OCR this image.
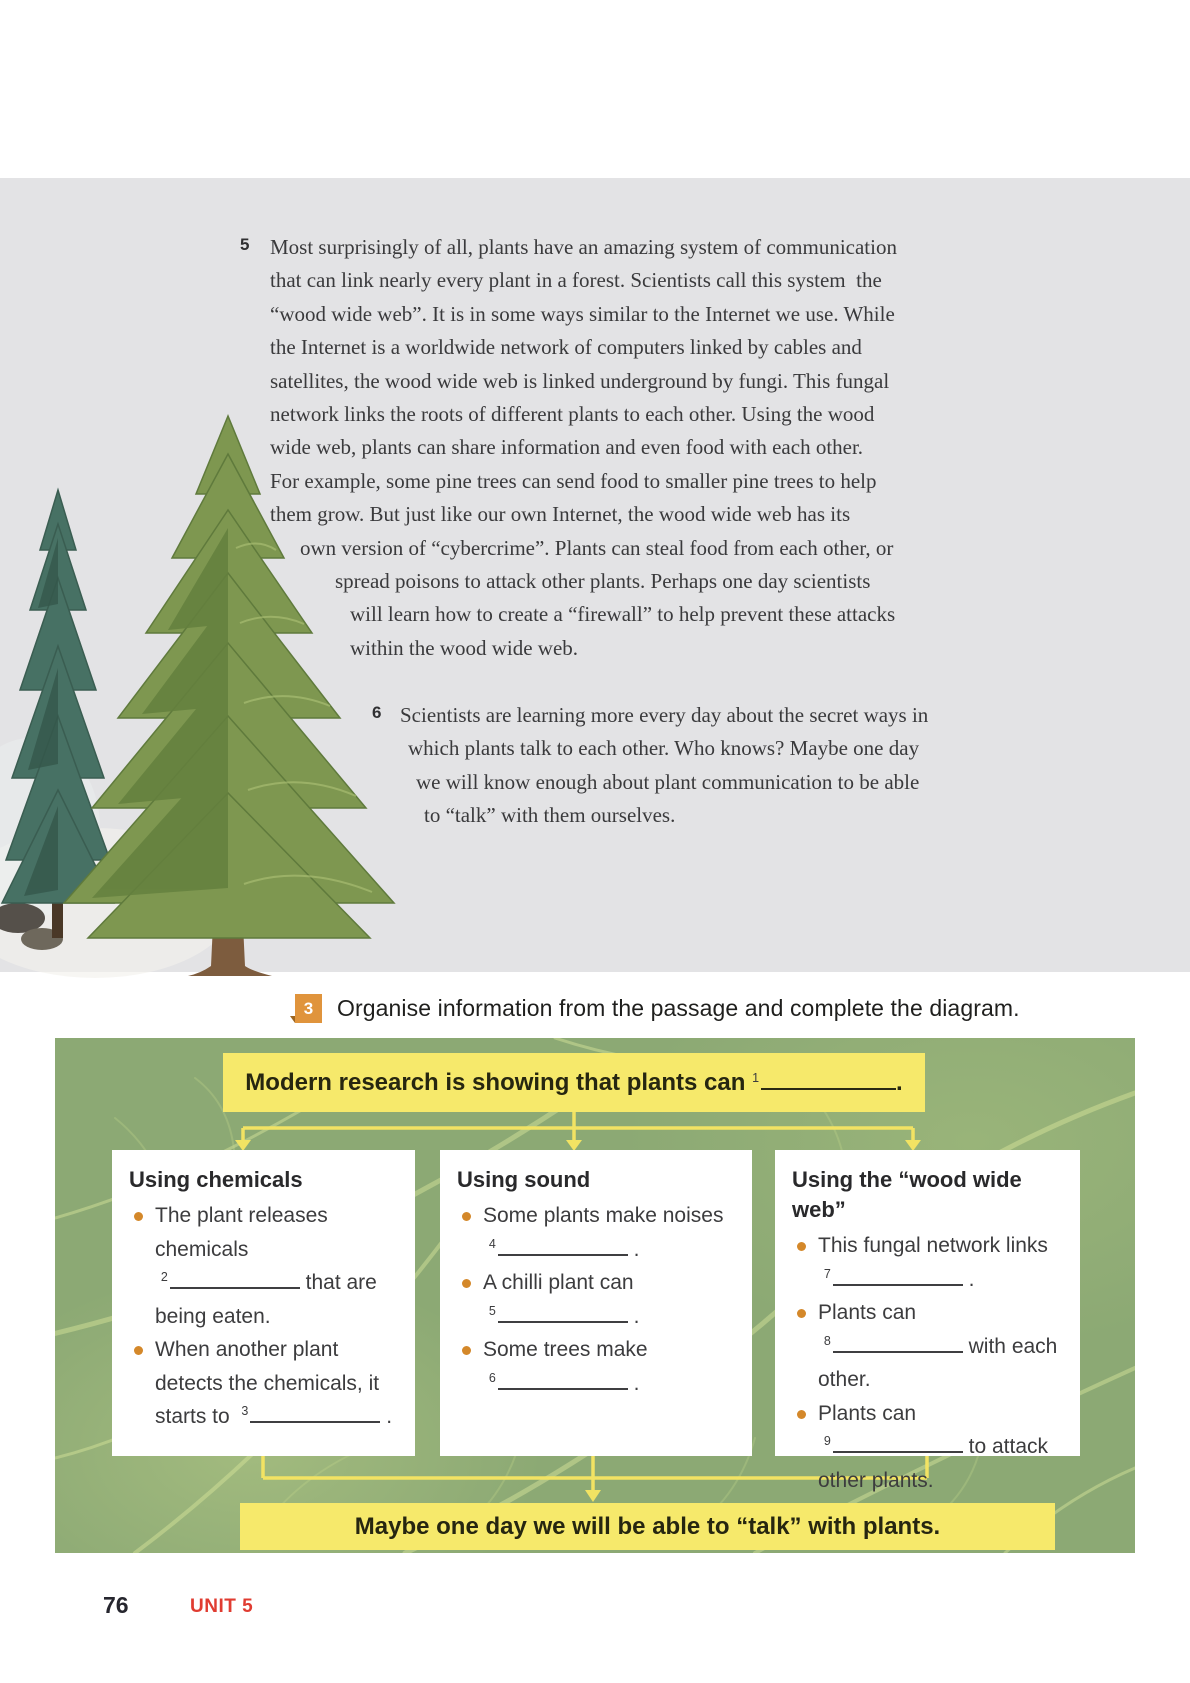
5 Most surprisingly of all, plants have an amazing system of communication
that can link nearly every plant in a forest. Scientists call this system  the
“wood wide web”. It is in some ways similar to the Internet we use. While
the Internet is a worldwide network of computers linked by cables and
satellites, the wood wide web is linked underground by fungi. This fungal
network links the roots of different plants to each other. Using the wood
wide web, plants can share information and even food with each other.
For example, some pine trees can send food to smaller pine trees to help
them grow. But just like our own Internet, the wood wide web has its
own version of “cybercrime”. Plants can steal food from each other, or
spread poisons to attack other plants. Perhaps one day scientists
will learn how to create a “firewall” to help prevent these attacks
within the wood wide web.
6 Scientists are learning more every day about the secret ways in
which plants talk to each other. Who knows? Maybe one day
we will know enough about plant communication to be able
to “talk” with them ourselves.
3	Organise information from the passage and complete the diagram.
Modern research is showing that plants can $^1$	.
Using chemicals
The plant releases chemicals  $^2$	that are being eaten.
When another plant detects the chemicals, it starts to $^3$	.
Using sound
Some plants make noises  $^4$	.
A chilli plant can  $^5$	.
Some trees make  $^6$	.
Using the “wood wide web”
This fungal network links  $^7$	.
Plants can  $^8$	with each other.
Plants can  $^9$	to attack other plants.
Maybe one day we will be able to “talk” with plants.
76	UNIT 5
